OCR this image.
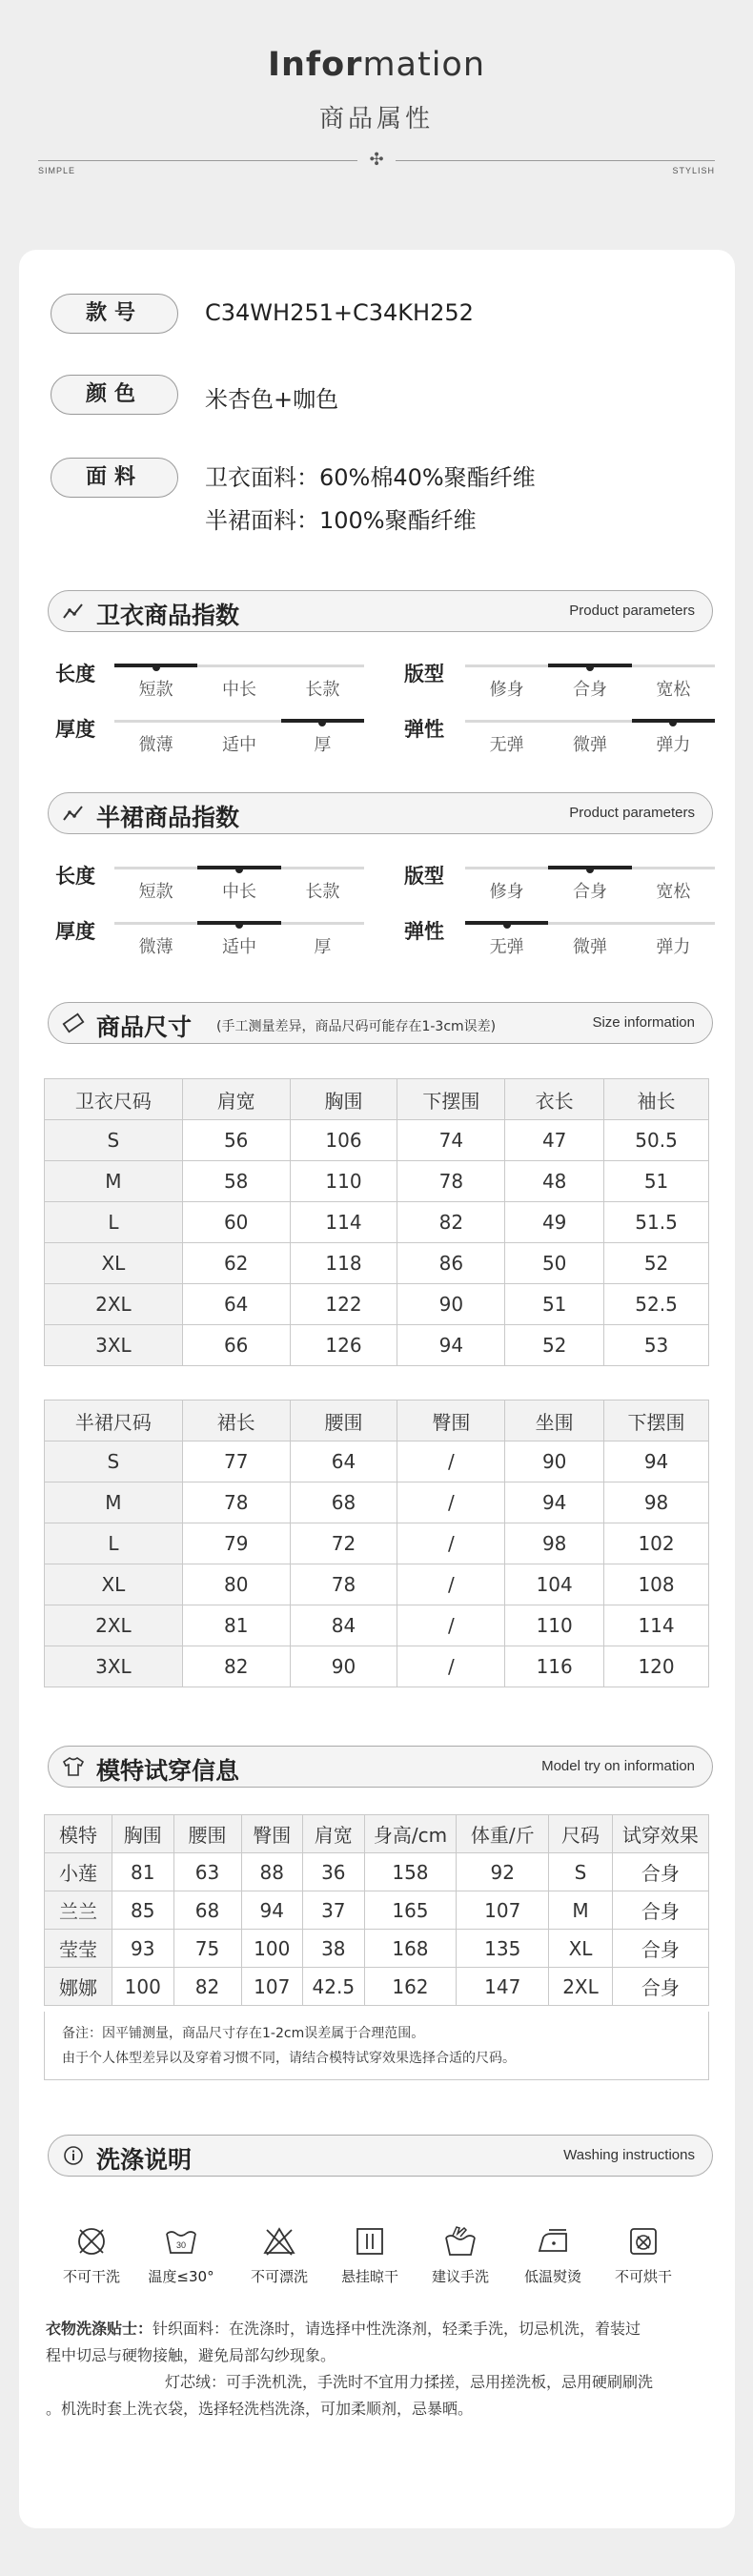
Information
商品属性
✣
SIMPLE	STYLISH
款号	C34WH251+C34KH252
颜色	米杏色+咖色
面料	卫衣面料：60%棉40%聚酯纤维
半裙面料：100%聚酯纤维
卫衣商品指数	Product parameters
长度
短款	中长	长款
版型
修身	合身	宽松
厚度
微薄	适中	厚
弹性
无弹	微弹	弹力
半裙商品指数	Product parameters
长度
短款	中长	长款
版型
修身	合身	宽松
厚度
微薄	适中	厚
弹性
无弹	微弹	弹力
商品尺寸 (手工测量差异，商品尺码可能存在1-3cm误差)	Size information
卫衣尺码	肩宽	胸围	下摆围	衣长	袖长
S	56	106	74	47	50.5
M	58	110	78	48	51
L	60	114	82	49	51.5
XL	62	118	86	50	52
2XL	64	122	90	51	52.5
3XL	66	126	94	52	53
半裙尺码	裙长	腰围	臀围	坐围	下摆围
S	77	64	/	90	94
M	78	68	/	94	98
L	79	72	/	98	102
XL	80	78	/	104	108
2XL	81	84	/	110	114
3XL	82	90	/	116	120
模特试穿信息	Model try on information
模特	胸围	腰围	臀围	肩宽	身高/cm	体重/斤	尺码	试穿效果
小莲	81	63	88	36	158	92	S	合身
兰兰	85	68	94	37	165	107	M	合身
莹莹	93	75	100	38	168	135	XL	合身
娜娜	100	82	107	42.5	162	147	2XL	合身
备注：因平铺测量，商品尺寸存在1-2cm误差属于合理范围。
由于个人体型差异以及穿着习惯不同，请结合模特试穿效果选择合适的尺码。
洗涤说明	Washing instructions
不可干洗
30
温度≤30°	不可漂洗	悬挂晾干	建议手洗	低温熨烫	不可烘干
衣物洗涤贴士：针织面料：在洗涤时，请选择中性洗涤剂，轻柔手洗，切忌机洗，着装过
程中切忌与硬物接触，避免局部勾纱现象。
灯芯绒：可手洗机洗，手洗时不宜用力揉搓，忌用搓洗板，忌用硬刷刷洗
。机洗时套上洗衣袋，选择轻洗档洗涤，可加柔顺剂，忌暴晒。
